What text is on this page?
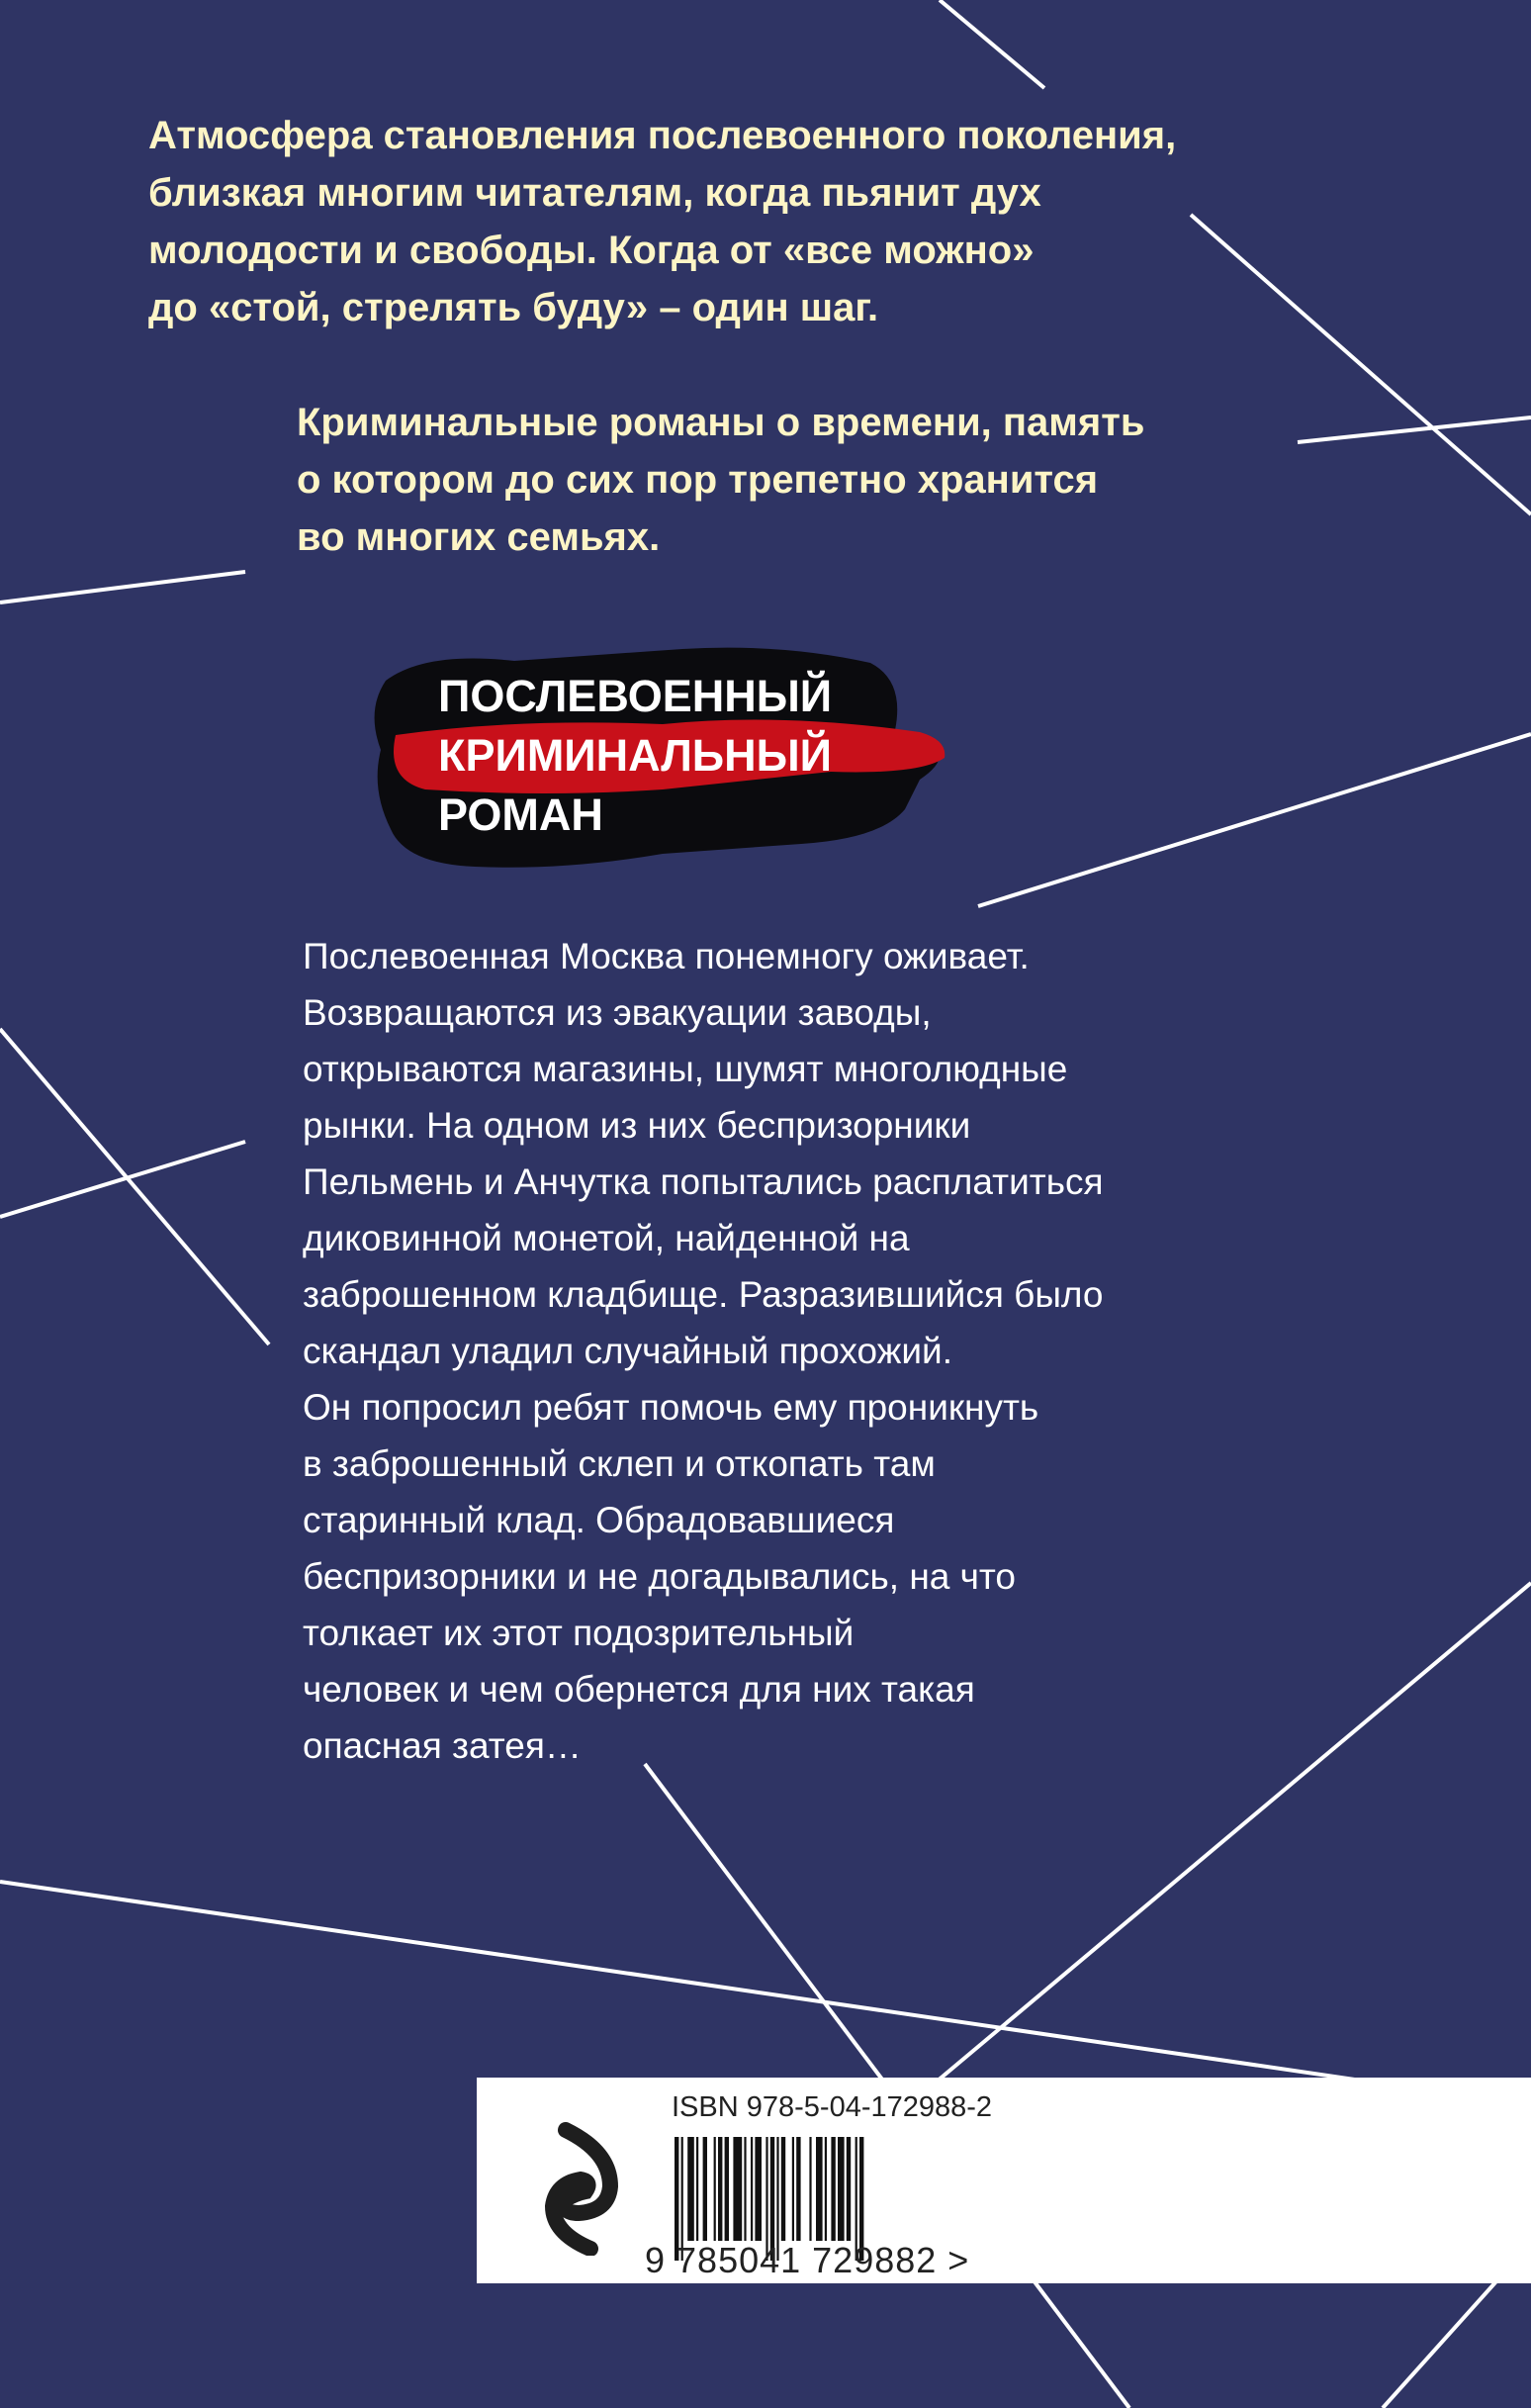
Атмосфера становления послевоенного поколения,
близкая многим читателям, когда пьянит дух
молодости и свободы. Когда от «все можно»
до «стой, стрелять буду» – один шаг.
Криминальные романы о времени, память
о котором до сих пор трепетно хранится
во многих семьях.
ПОСЛЕВОЕННЫЙ
КРИМИНАЛЬНЫЙ
РОМАН
Послевоенная Москва понемногу оживает.
Возвращаются из эвакуации заводы,
открываются магазины, шумят многолюдные
рынки. На одном из них беспризорники
Пельмень и Анчутка попытались расплатиться
диковинной монетой, найденной на
заброшенном кладбище. Разразившийся было
скандал уладил случайный прохожий.
Он попросил ребят помочь ему проникнуть
в заброшенный склеп и откопать там
старинный клад. Обрадовавшиеся
беспризорники и не догадывались, на что
толкает их этот подозрительный
человек и чем обернется для них такая
опасная затея…
ISBN 978-5-04-172988-2
9 785041 729882 >
